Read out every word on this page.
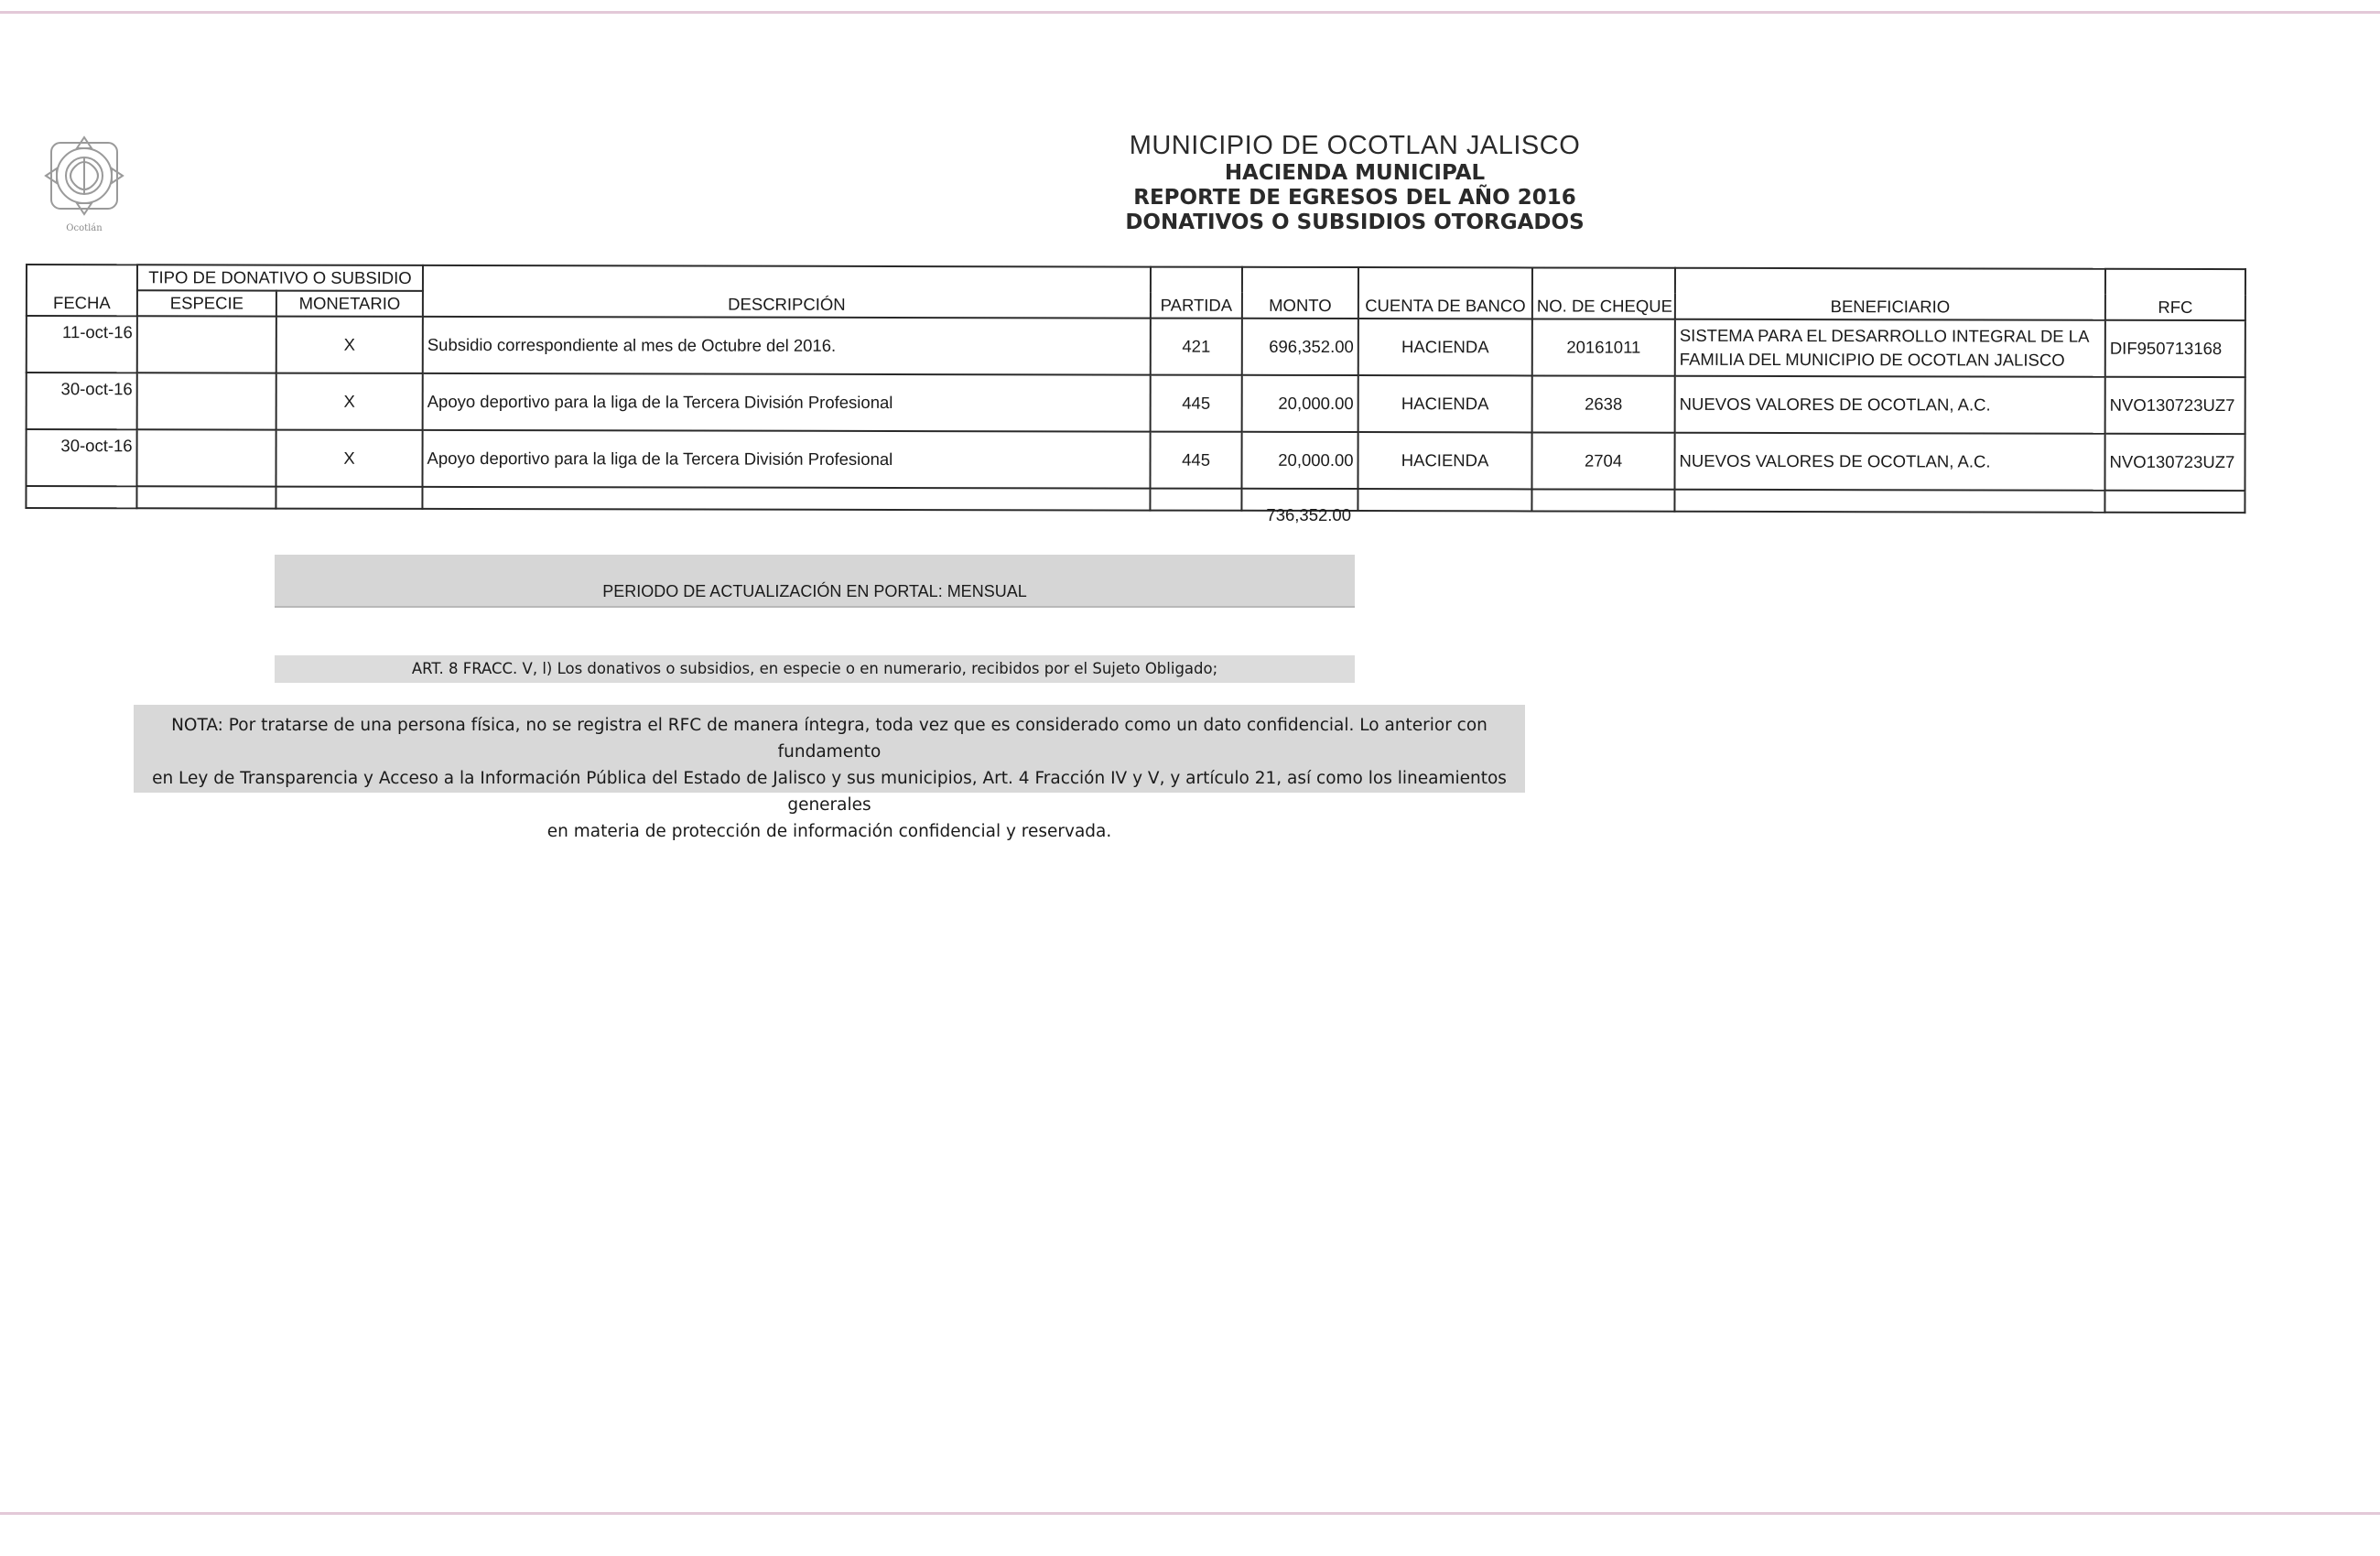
Ocotlán
MUNICIPIO DE OCOTLAN JALISCO
HACIENDA MUNICIPAL
REPORTE DE EGRESOS DEL AÑO 2016
DONATIVOS O SUBSIDIOS OTORGADOS
FECHA	TIPO DE DONATIVO O SUBSIDIO		DESCRIPCIÓN	PARTIDA	MONTO	CUENTA DE BANCO	NO. DE CHEQUE	BENEFICIARIO	RFC
	ESPECIE	MONETARIO							
11-oct-16		X	Subsidio correspondiente al mes de Octubre del 2016.	421	696,352.00	HACIENDA	20161011	SISTEMA PARA EL DESARROLLO INTEGRAL DE LA
FAMILIA DEL MUNICIPIO DE OCOTLAN JALISCO	DIF950713168
30-oct-16		X	Apoyo deportivo para la liga de la Tercera División Profesional	445	20,000.00	HACIENDA	2638	NUEVOS VALORES DE OCOTLAN, A.C.	NVO130723UZ7
30-oct-16		X	Apoyo deportivo para la liga de la Tercera División Profesional	445	20,000.00	HACIENDA	2704	NUEVOS VALORES DE OCOTLAN, A.C.	NVO130723UZ7

736,352.00
PERIODO DE ACTUALIZACIÓN EN PORTAL: MENSUAL
ART. 8 FRACC. V, l) Los donativos o subsidios, en especie o en numerario, recibidos por el Sujeto Obligado;
NOTA: Por tratarse de una persona física, no se registra el RFC de manera íntegra, toda vez que es considerado como un dato confidencial. Lo anterior con fundamento
en Ley de Transparencia y Acceso a la Información Pública del Estado de Jalisco y sus municipios, Art. 4 Fracción IV y V, y artículo 21, así como los lineamientos generales
en materia de protección de información confidencial y reservada.
